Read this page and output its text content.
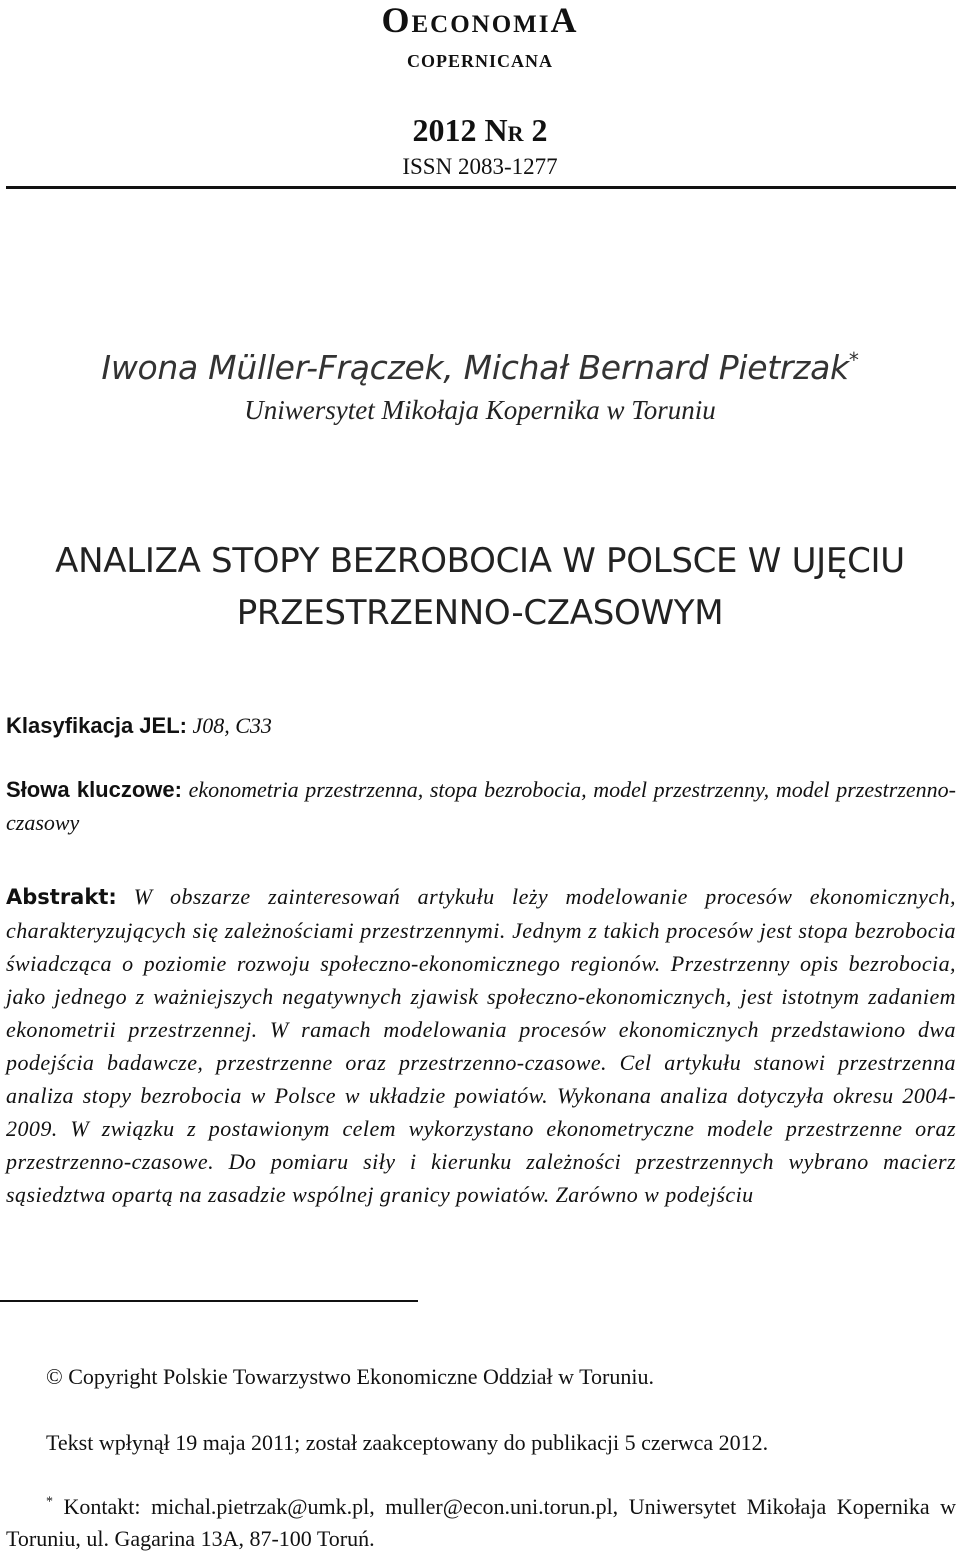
OeconomiA
copernicana
2012 Nr 2
ISSN 2083-1277
Iwona Müller-Frączek, Michał Bernard Pietrzak*
Uniwersytet Mikołaja Kopernika w Toruniu
ANALIZA STOPY BEZROBOCIA W POLSCE W UJĘCIU
PRZESTRZENNO-CZASOWYM
Klasyfikacja JEL: J08, C33
Słowa kluczowe: ekonometria przestrzenna, stopa bezrobocia, model przestrzenny, model przestrzenno-czasowy
Abstrakt: W obszarze zainteresowań artykułu leży modelowanie procesów ekonomicznych, charakteryzujących się zależnościami przestrzennymi. Jednym z takich procesów jest stopa bezrobocia świadcząca o poziomie rozwoju społeczno-ekonomicznego regionów. Przestrzenny opis bezrobocia, jako jednego z ważniejszych negatywnych zjawisk społeczno-ekonomicznych, jest istotnym zadaniem ekonometrii przestrzennej. W ramach modelowania procesów ekonomicznych przedstawiono dwa podejścia badawcze, przestrzenne oraz przestrzenno-czasowe. Cel artykułu stanowi przestrzenna analiza stopy bezrobocia w Polsce w układzie powiatów. Wykonana analiza dotyczyła okresu 2004-2009. W związku z postawionym celem wykorzystano ekonometryczne modele przestrzenne oraz przestrzenno-czasowe. Do pomiaru siły i kierunku zależności przestrzennych wybrano macierz sąsiedztwa opartą na zasadzie wspólnej granicy powiatów. Zarówno w podejściu
© Copyright Polskie Towarzystwo Ekonomiczne Oddział w Toruniu.
Tekst wpłynął 19 maja 2011; został zaakceptowany do publikacji 5 czerwca 2012.
* Kontakt: michal.pietrzak@umk.pl, muller@econ.uni.torun.pl, Uniwersytet Mikołaja Kopernika w Toruniu, ul. Gagarina 13A, 87-100 Toruń.
